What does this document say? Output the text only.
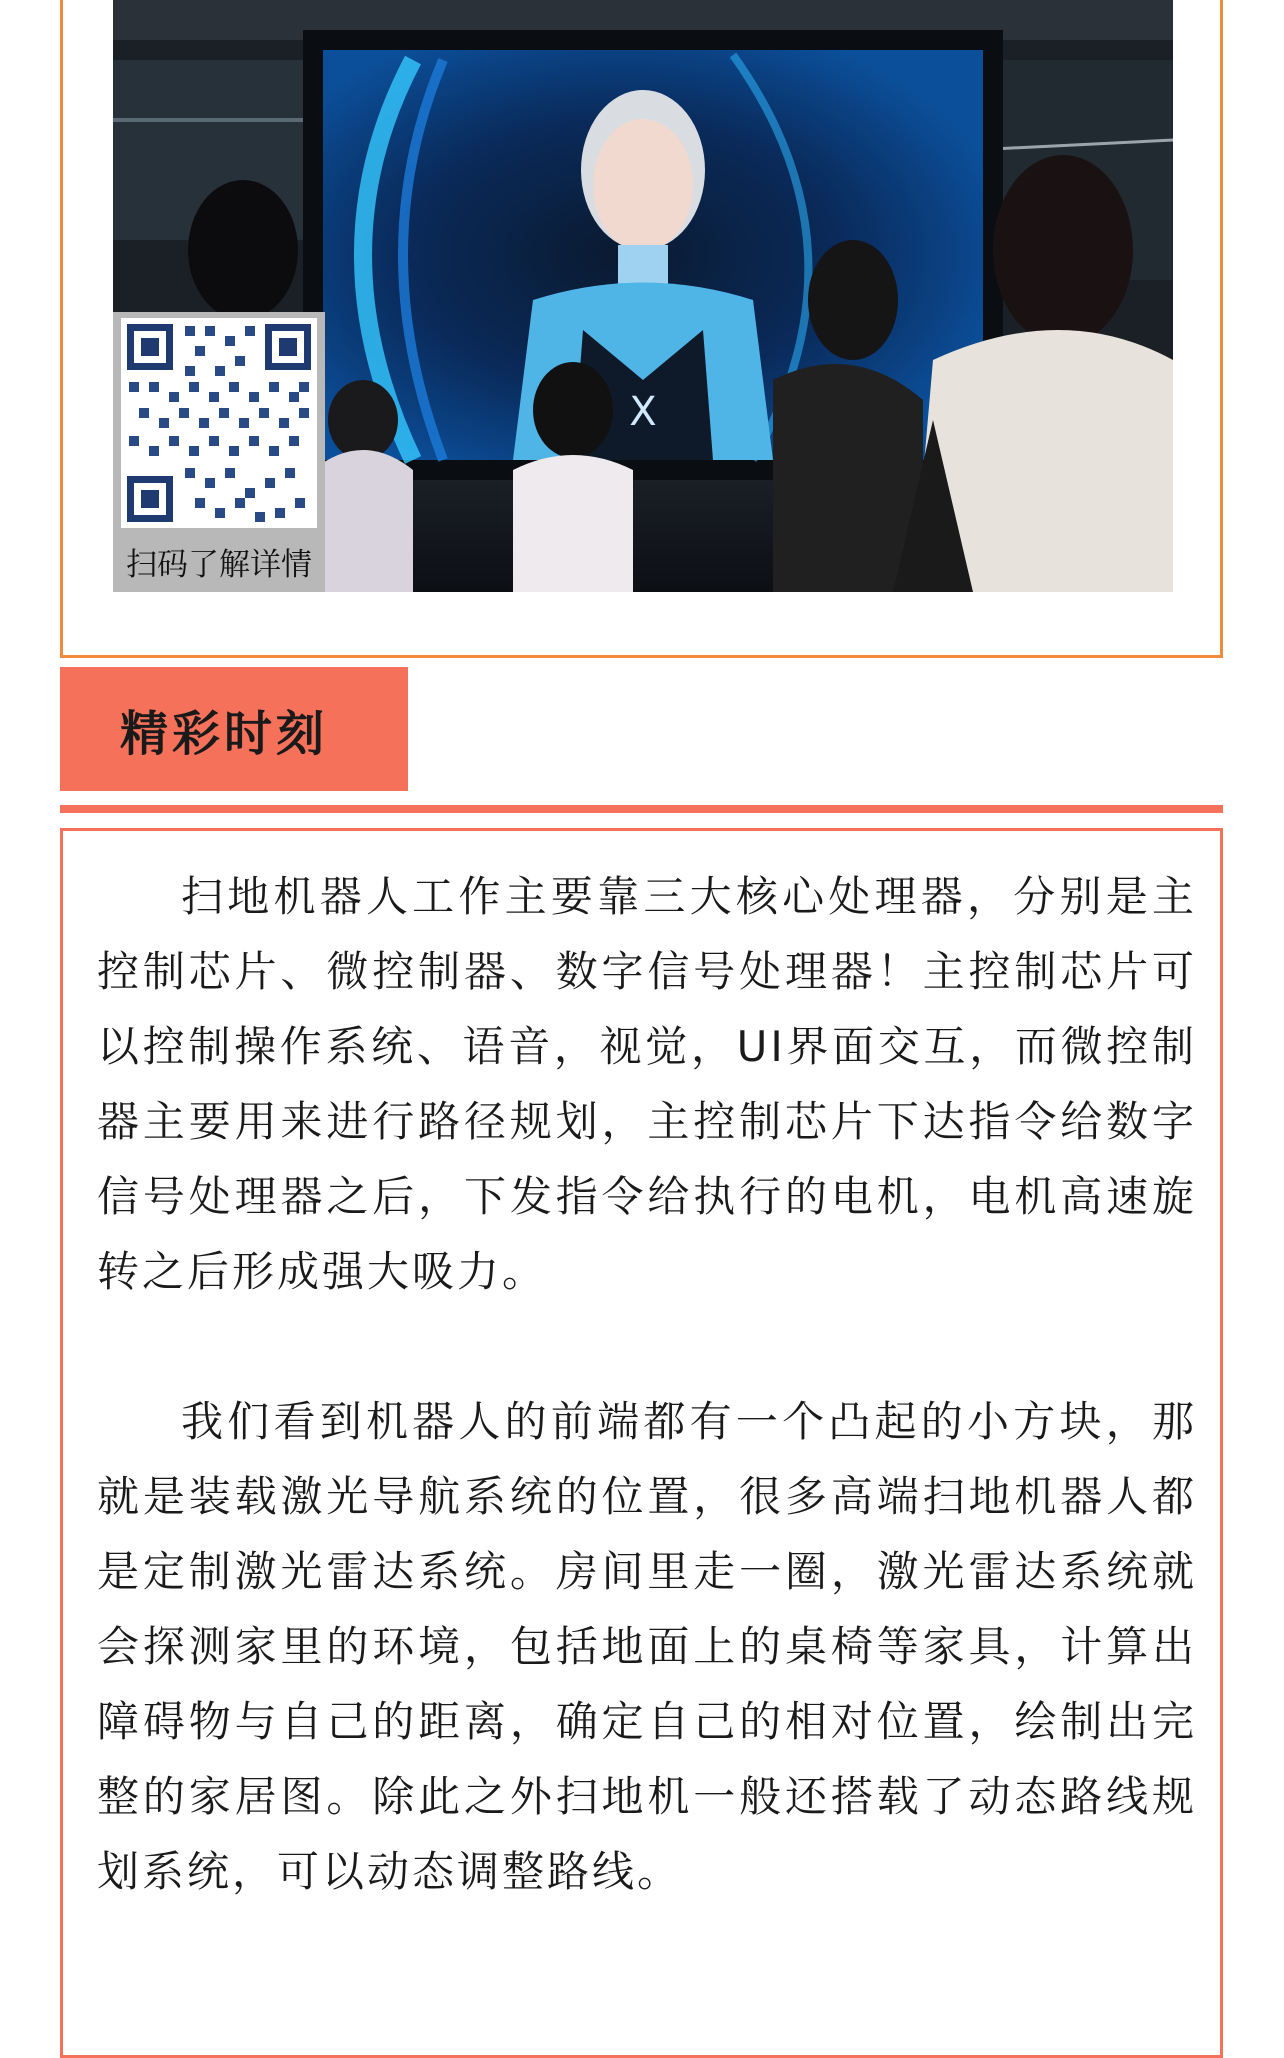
X
扫码了解详情
精彩时刻

扫地机器人工作主要靠三大核心处理器，分别是主控制芯片、微控制器、数字信号处理器！主控制芯片可以控制操作系统、语音，视觉，UI界面交互，而微控制器主要用来进行路径规划，主控制芯片下达指令给数字信号处理器之后，下发指令给执行的电机，电机高速旋转之后形成强大吸力。

我们看到机器人的前端都有一个凸起的小方块，那就是装载激光导航系统的位置，很多高端扫地机器人都是定制激光雷达系统。房间里走一圈，激光雷达系统就会探测家里的环境，包括地面上的桌椅等家具，计算出障碍物与自己的距离，确定自己的相对位置，绘制出完整的家居图。除此之外扫地机一般还搭载了动态路线规划系统，可以动态调整路线。
